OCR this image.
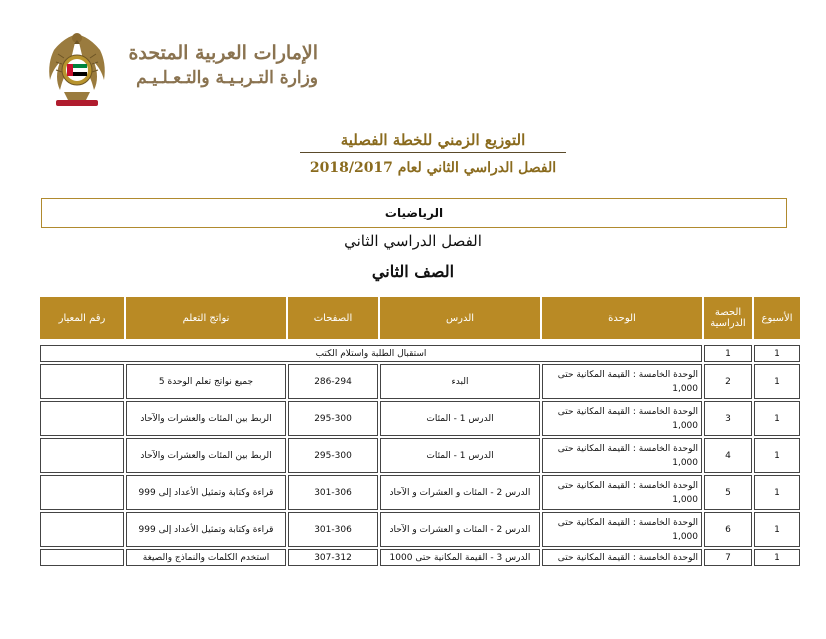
الإمارات العربية المتحدة
وزارة التـربـيـة والتـعـلـيـم
التوزيع الزمني للخطة الفصلية
الفصل الدراسي الثاني لعام 2018/2017
الرياضيات
الفصل الدراسي الثاني
الصف الثاني
الأسبوع	الحصة الدراسية	الوحدة	الدرس	الصفحات	نواتج التعلم	رقم المعيار

1	1	استقبال الطلبة واستلام الكتب				
1	2	الوحدة الخامسة : القيمة المكانية حتى 1,000	البدء	286-294	جميع نواتج تعلم الوحدة 5	
1	3	الوحدة الخامسة : القيمة المكانية حتى 1,000	الدرس 1 - المئات	295-300	الربط بين المئات والعشرات والآحاد	
1	4	الوحدة الخامسة : القيمة المكانية حتى 1,000	الدرس 1 - المئات	295-300	الربط بين المئات والعشرات والآحاد	
1	5	الوحدة الخامسة : القيمة المكانية حتى 1,000	الدرس 2 - المئات و العشرات و الآحاد	301-306	قراءة وكتابة وتمثيل الأعداد إلى 999	
1	6	الوحدة الخامسة : القيمة المكانية حتى 1,000	الدرس 2 - المئات و العشرات و الآحاد	301-306	قراءة وكتابة وتمثيل الأعداد إلى 999	
1	7	الوحدة الخامسة : القيمة المكانية حتى	الدرس 3 - القيمة المكانية حتى 1000	307-312	استخدم الكلمات والنماذج والصيغة	
